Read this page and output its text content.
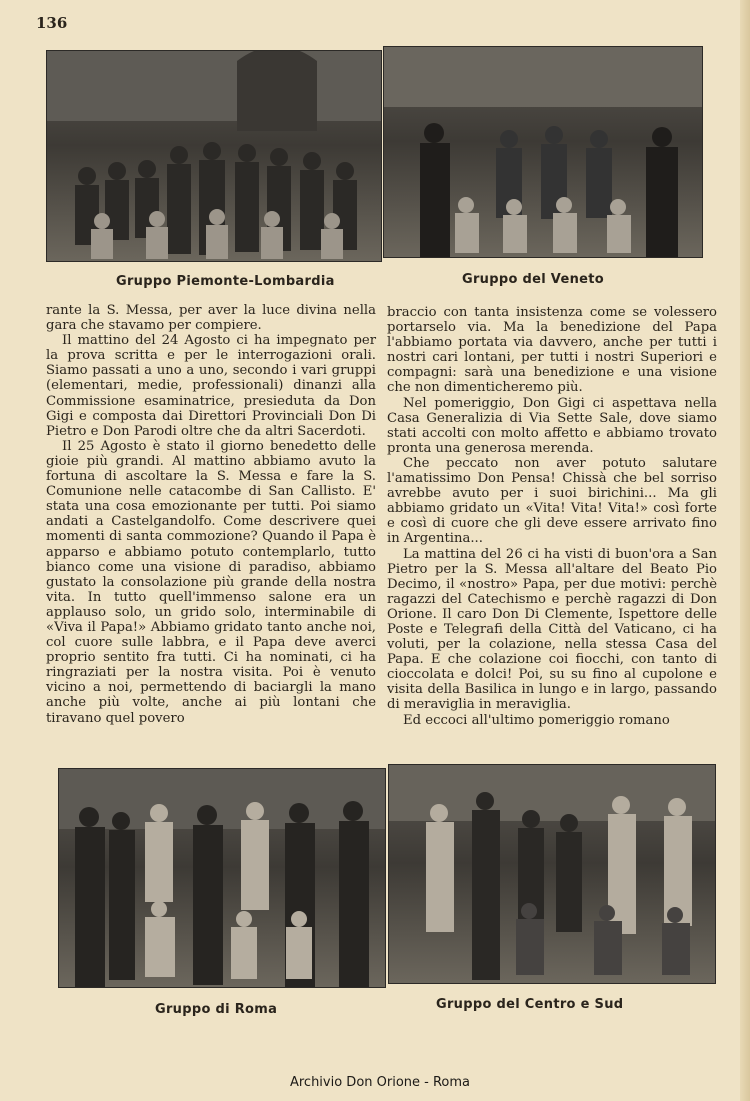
136
Gruppo Piemonte-Lombardia	Gruppo del Veneto

rante la S. Messa, per aver la luce divina nella gara che stavamo per compiere.

Il mattino del 24 Agosto ci ha impegnato per la prova scritta e per le interrogazioni orali. Siamo passati a uno a uno, secondo i vari gruppi (elementari, medie, professionali) dinanzi alla Commissione esaminatrice, presieduta da Don Gigi e composta dai Direttori Provinciali Don Di Pietro e Don Parodi oltre che da altri Sacerdoti.

Il 25 Agosto è stato il giorno benedetto delle gioie più grandi. Al mattino abbiamo avuto la fortuna di ascoltare la S. Messa e fare la S. Comunione nelle catacombe di San Callisto. E' stata una cosa emozionante per tutti. Poi siamo andati a Castelgandolfo. Come descrivere quei momenti di santa commozione? Quando il Papa è apparso e abbiamo potuto contemplarlo, tutto bianco come una visione di paradiso, abbiamo gustato la consolazione più grande della nostra vita. In tutto quell'immenso salone era un applauso solo, un grido solo, interminabile di «Viva il Papa!» Abbiamo gridato tanto anche noi, col cuore sulle labbra, e il Papa deve averci proprio sentito fra tutti. Ci ha nominati, ci ha ringraziati per la nostra visita. Poi è venuto vicino a noi, permettendo di baciargli la mano anche più volte, anche ai più lontani che tiravano quel povero

braccio con tanta insistenza come se volessero portarselo via. Ma la benedizione del Papa l'abbiamo portata via davvero, anche per tutti i nostri cari lontani, per tutti i nostri Superiori e compagni: sarà una benedizione e una visione che non dimenticheremo più.

Nel pomeriggio, Don Gigi ci aspettava nella Casa Generalizia di Via Sette Sale, dove siamo stati accolti con molto affetto e abbiamo trovato pronta una generosa merenda.

Che peccato non aver potuto salutare l'amatissimo Don Pensa! Chissà che bel sorriso avrebbe avuto per i suoi birichini... Ma gli abbiamo gridato un «Vita! Vita! Vita!» così forte e così di cuore che gli deve essere arrivato fino in Argentina...

La mattina del 26 ci ha visti di buon'ora a San Pietro per la S. Messa all'altare del Beato Pio Decimo, il «nostro» Papa, per due motivi: perchè ragazzi del Catechismo e perchè ragazzi di Don Orione. Il caro Don Di Clemente, Ispettore delle Poste e Telegrafi della Città del Vaticano, ci ha voluti, per la colazione, nella stessa Casa del Papa. E che colazione coi fiocchi, con tanto di cioccolata e dolci! Poi, su su fino al cupolone e visita della Basilica in lungo e in largo, passando di meraviglia in meraviglia.

Ed eccoci all'ultimo pomeriggio romano

Gruppo di Roma	Gruppo del Centro e Sud
Archivio Don Orione - Roma
